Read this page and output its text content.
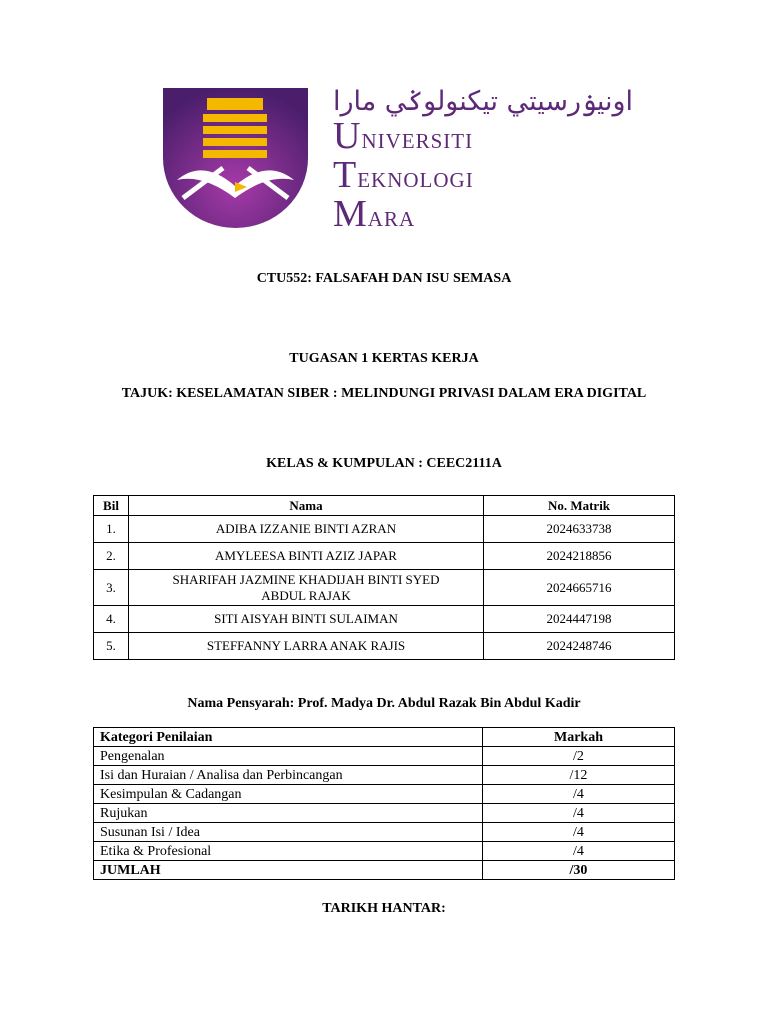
اونيۏرسيتي تيكنولوݢي مارا
Universiti
Teknologi
Mara
CTU552: FALSAFAH DAN ISU SEMASA
TUGASAN 1 KERTAS KERJA
TAJUK: KESELAMATAN SIBER : MELINDUNGI PRIVASI DALAM ERA DIGITAL
KELAS & KUMPULAN : CEEC2111A
Bil	Nama	No. Matrik
1.	ADIBA IZZANIE BINTI AZRAN	2024633738
2.	AMYLEESA BINTI AZIZ JAPAR	2024218856
3.	SHARIFAH JAZMINE KHADIJAH BINTI SYED ABDUL RAJAK	2024665716
4.	SITI AISYAH BINTI SULAIMAN	2024447198
5.	STEFFANNY LARRA ANAK RAJIS	2024248746
Nama Pensyarah: Prof. Madya Dr. Abdul Razak Bin Abdul Kadir
Kategori Penilaian	Markah
Pengenalan	/2
Isi dan Huraian / Analisa dan Perbincangan	/12
Kesimpulan & Cadangan	/4
Rujukan	/4
Susunan Isi / Idea	/4
Etika & Profesional	/4
JUMLAH	/30
TARIKH HANTAR:
